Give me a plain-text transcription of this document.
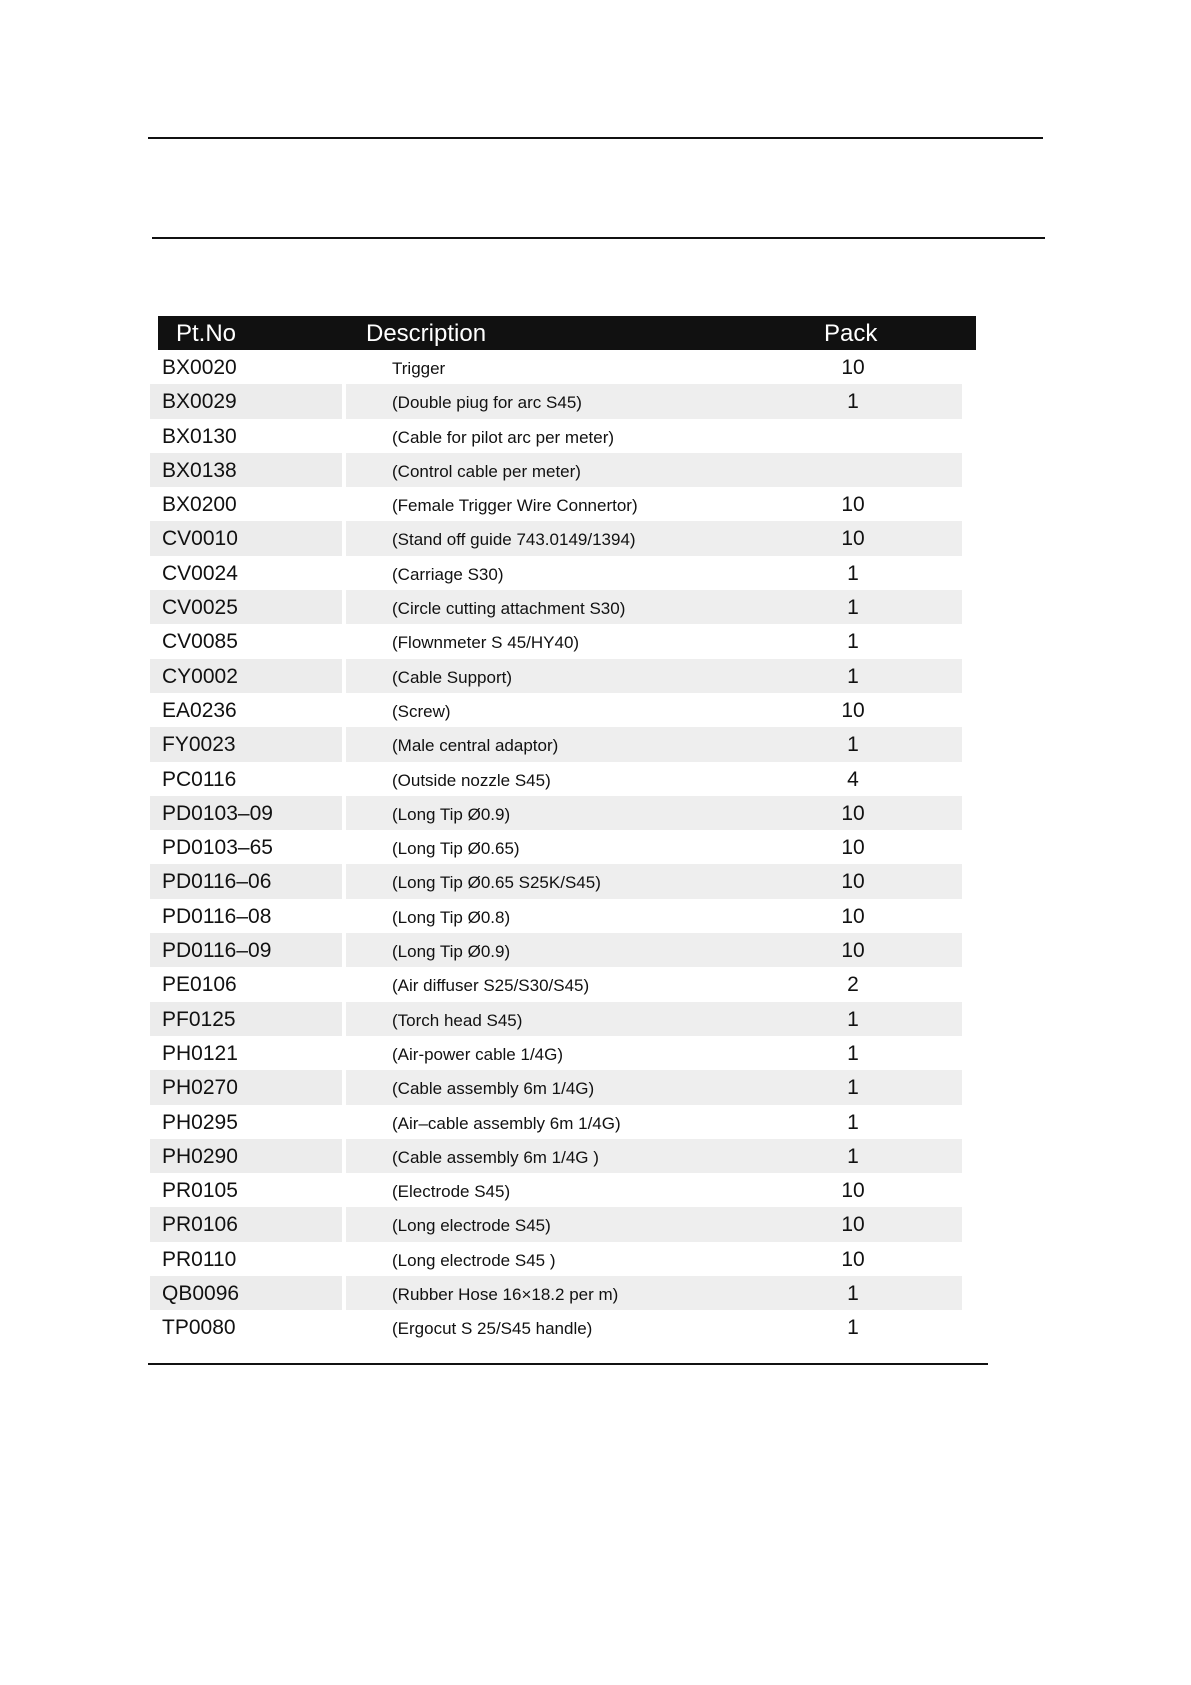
Pt.No	Description	Pack
BX0020	Trigger	10
BX0029	(Double piug for arc S45)	1
BX0130	(Cable for pilot arc per meter)
BX0138	(Control cable per meter)
BX0200	(Female Trigger Wire Connertor)	10
CV0010	(Stand off guide 743.0149/1394)	10
CV0024	(Carriage S30)	1
CV0025	(Circle cutting attachment S30)	1
CV0085	(Flownmeter S 45/HY40)	1
CY0002	(Cable Support)	1
EA0236	(Screw)	10
FY0023	(Male central adaptor)	1
PC0116	(Outside nozzle S45)	4
PD0103–09	(Long Tip Ø0.9)	10
PD0103–65	(Long Tip Ø0.65)	10
PD0116–06	(Long Tip Ø0.65 S25K/S45)	10
PD0116–08	(Long Tip Ø0.8)	10
PD0116–09	(Long Tip Ø0.9)	10
PE0106	(Air diffuser S25/S30/S45)	2
PF0125	(Torch head S45)	1
PH0121	(Air-power cable 1/4G)	1
PH0270	(Cable assembly 6m 1/4G)	1
PH0295	(Air–cable assembly 6m 1/4G)	1
PH0290	(Cable assembly 6m 1/4G )	1
PR0105	(Electrode S45)	10
PR0106	(Long electrode S45)	10
PR0110	(Long electrode S45 )	10
QB0096	(Rubber Hose 16×18.2 per m)	1
TP0080	(Ergocut S 25/S45 handle)	1
